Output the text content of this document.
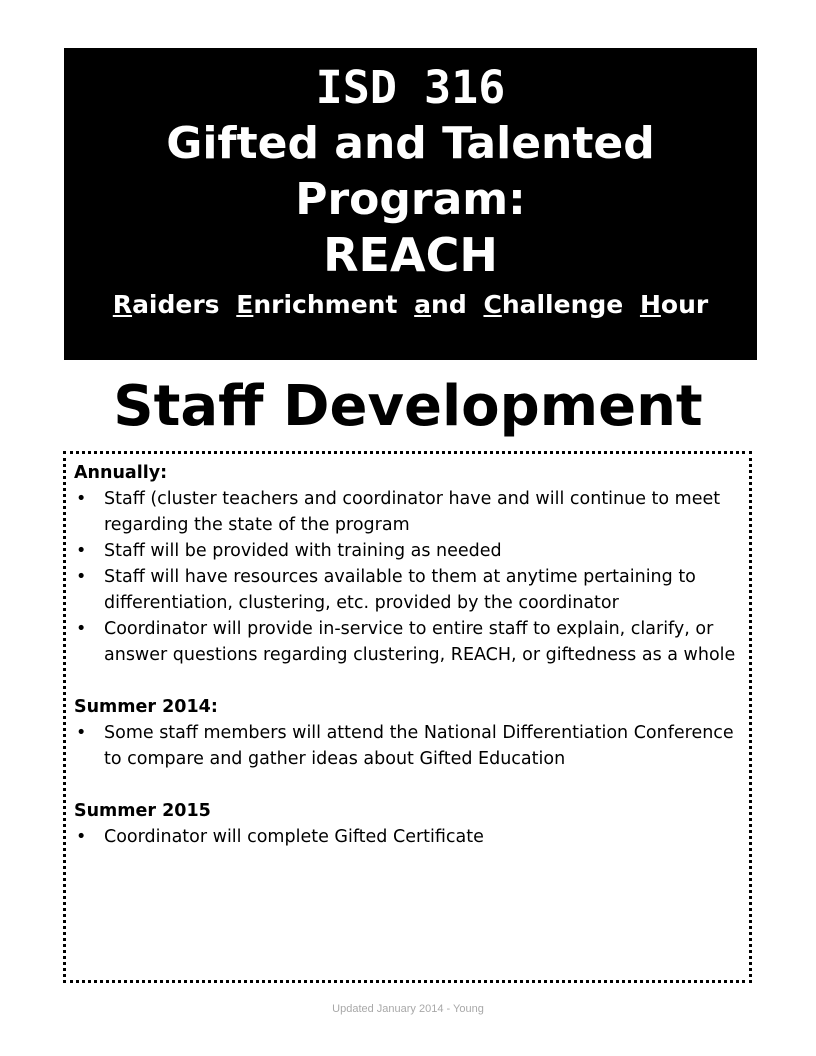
ISD 316

Gifted and Talented

Program:

REACH

Raiders Enrichment and Challenge Hour
Staff Development

Annually:

• Staff (cluster teachers and coordinator have and will continue to meet regarding the state of the program
• Staff will be provided with training as needed
• Staff will have resources available to them at anytime pertaining to differentiation, clustering, etc. provided by the coordinator
• Coordinator will provide in-service to entire staff to explain, clarify, or answer questions regarding clustering, REACH, or giftedness as a whole

Summer 2014:

• Some staff members will attend the National Differentiation Conference to compare and gather ideas about Gifted Education

Summer 2015

• Coordinator will complete Gifted Certificate
Updated January 2014 - Young
